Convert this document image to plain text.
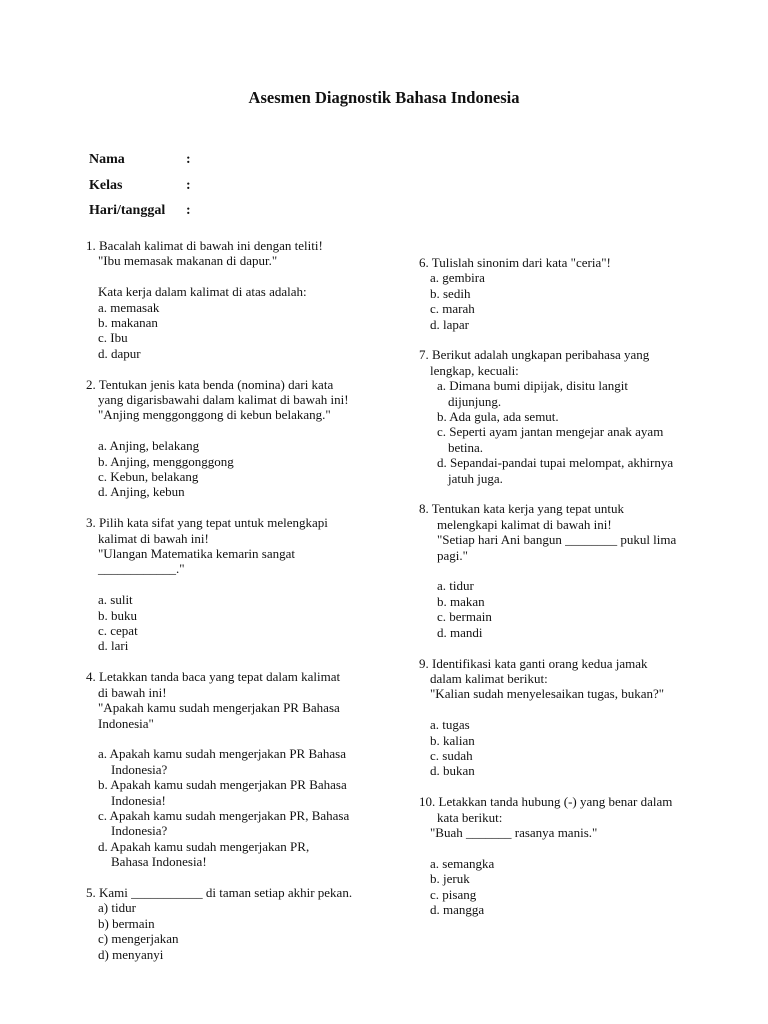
Asesmen Diagnostik Bahasa Indonesia
Nama	:
Kelas	:
Hari/tanggal :
1. Bacalah kalimat di bawah ini dengan teliti!
"Ibu memasak makanan di dapur."
Kata kerja dalam kalimat di atas adalah:
a. memasak
b. makanan
c. Ibu
d. dapur
2. Tentukan jenis kata benda (nomina) dari kata
yang digarisbawahi dalam kalimat di bawah ini!
"Anjing menggonggong di kebun belakang."
a. Anjing, belakang
b. Anjing, menggonggong
c. Kebun, belakang
d. Anjing, kebun
3. Pilih kata sifat yang tepat untuk melengkapi
kalimat di bawah ini!
"Ulangan Matematika kemarin sangat
____________."
a. sulit
b. buku
c. cepat
d. lari
4. Letakkan tanda baca yang tepat dalam kalimat
di bawah ini!
"Apakah kamu sudah mengerjakan PR Bahasa
Indonesia"
a. Apakah kamu sudah mengerjakan PR Bahasa
Indonesia?
b. Apakah kamu sudah mengerjakan PR Bahasa
Indonesia!
c. Apakah kamu sudah mengerjakan PR, Bahasa
Indonesia?
d. Apakah kamu sudah mengerjakan PR,
Bahasa Indonesia!
5. Kami ___________ di taman setiap akhir pekan.
a) tidur
b) bermain
c) mengerjakan
d) menyanyi
6. Tulislah sinonim dari kata "ceria"!
a. gembira
b. sedih
c. marah
d. lapar
7. Berikut adalah ungkapan peribahasa yang
lengkap, kecuali:
a. Dimana bumi dipijak, disitu langit
dijunjung.
b. Ada gula, ada semut.
c. Seperti ayam jantan mengejar anak ayam
betina.
d. Sepandai-pandai tupai melompat, akhirnya
jatuh juga.
8. Tentukan kata kerja yang tepat untuk
melengkapi kalimat di bawah ini!
"Setiap hari Ani bangun ________ pukul lima
pagi."
a. tidur
b. makan
c. bermain
d. mandi
9. Identifikasi kata ganti orang kedua jamak
dalam kalimat berikut:
"Kalian sudah menyelesaikan tugas, bukan?"
a. tugas
b. kalian
c. sudah
d. bukan
10. Letakkan tanda hubung (-) yang benar dalam
kata berikut:
"Buah _______ rasanya manis."
a. semangka
b. jeruk
c. pisang
d. mangga
